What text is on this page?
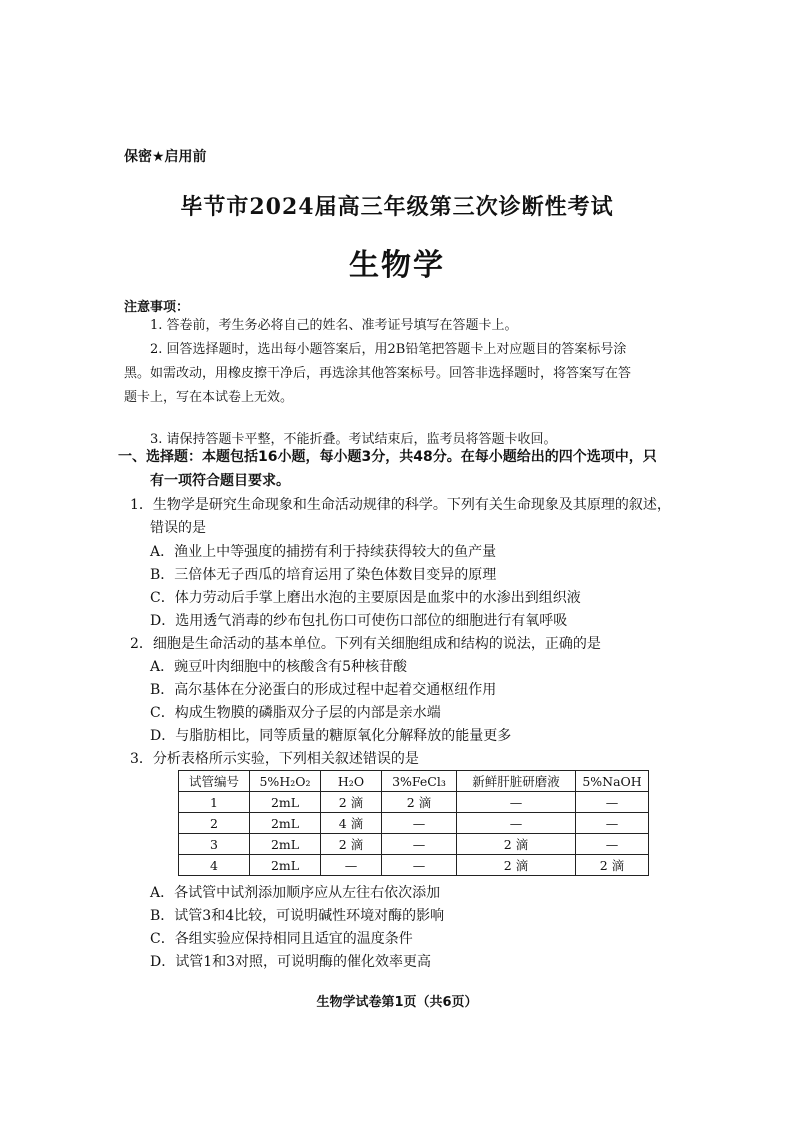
保密★启用前
毕节市2024届高三年级第三次诊断性考试
生物学
注意事项：
1. 答卷前，考生务必将自己的姓名、准考证号填写在答题卡上。
2. 回答选择题时，选出每小题答案后，用2B铅笔把答题卡上对应题目的答案标号涂
黑。如需改动，用橡皮擦干净后，再选涂其他答案标号。回答非选择题时，将答案写在答
题卡上，写在本试卷上无效。
3. 请保持答题卡平整，不能折叠。考试结束后，监考员将答题卡收回。
一、选择题：本题包括16小题，每小题3分，共48分。在每小题给出的四个选项中，只
有一项符合题目要求。
1．生物学是研究生命现象和生命活动规律的科学。下列有关生命现象及其原理的叙述，
错误的是
A．渔业上中等强度的捕捞有利于持续获得较大的鱼产量
B．三倍体无子西瓜的培育运用了染色体数目变异的原理
C．体力劳动后手掌上磨出水泡的主要原因是血浆中的水渗出到组织液
D．选用透气消毒的纱布包扎伤口可使伤口部位的细胞进行有氧呼吸
2．细胞是生命活动的基本单位。下列有关细胞组成和结构的说法，正确的是
A．豌豆叶肉细胞中的核酸含有5种核苷酸
B．高尔基体在分泌蛋白的形成过程中起着交通枢纽作用
C．构成生物膜的磷脂双分子层的内部是亲水端
D．与脂肪相比，同等质量的糖原氧化分解释放的能量更多
3．分析表格所示实验，下列相关叙述错误的是
试管编号	5%H₂O₂	H₂O	3%FeCl₃	新鲜肝脏研磨液	5%NaOH
1	2mL	2 滴	2 滴	—	—
2	2mL	4 滴	—	—	—
3	2mL	2 滴	—	2 滴	—
4	2mL	—	—	2 滴	2 滴
A．各试管中试剂添加顺序应从左往右依次添加
B．试管3和4比较，可说明碱性环境对酶的影响
C．各组实验应保持相同且适宜的温度条件
D．试管1和3对照，可说明酶的催化效率更高
生物学试卷第1页（共6页）
